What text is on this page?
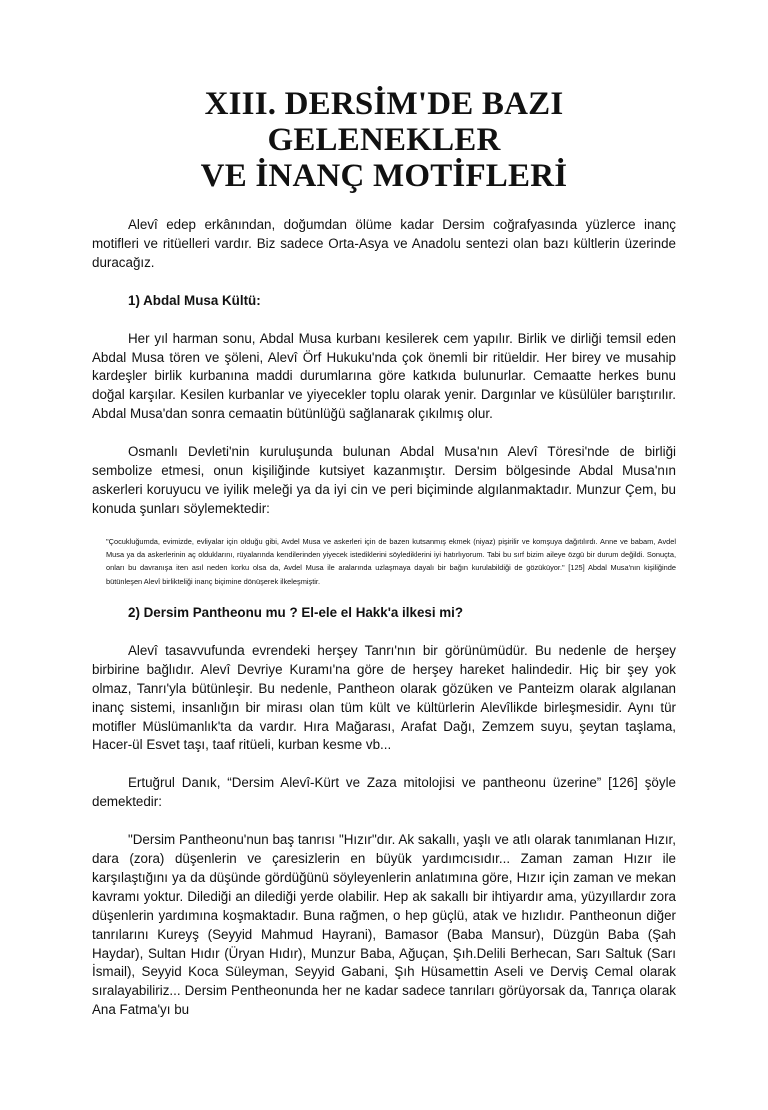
XIII. DERSİM'DE BAZI GELENEKLER
VE İNANÇ MOTİFLERİ

Alevî edep erkânından, doğumdan ölüme kadar Dersim coğrafyasında yüzlerce inanç motifleri ve ritüelleri vardır. Biz sadece Orta-Asya ve Anadolu sentezi olan bazı kültlerin üzerinde duracağız.

1) Abdal Musa Kültü:

Her yıl harman sonu, Abdal Musa kurbanı kesilerek cem yapılır. Birlik ve dirliği temsil eden Abdal Musa tören ve şöleni, Alevî Örf Hukuku'nda çok önemli bir ritüeldir. Her birey ve musahip kardeşler birlik kurbanına maddi durumlarına göre katkıda bulunurlar. Cemaatte herkes bunu doğal karşılar. Kesilen kurbanlar ve yiyecekler toplu olarak yenir. Dargınlar ve küsülüler barıştırılır. Abdal Musa'dan sonra cemaatin bütünlüğü sağlanarak çıkılmış olur.

Osmanlı Devleti'nin kuruluşunda bulunan Abdal Musa'nın Alevî Töresi'nde de birliği sembolize etmesi, onun kişiliğinde kutsiyet kazanmıştır. Dersim bölgesinde Abdal Musa'nın askerleri koruyucu ve iyilik meleği ya da iyi cin ve peri biçiminde algılanmaktadır. Munzur Çem, bu konuda şunları söylemektedir:

"Çocukluğumda, evimizde, evliyalar için olduğu gibi, Avdel Musa ve askerleri için de bazen kutsanmış ekmek (niyaz) pişirilir ve komşuya dağıtılırdı. Anne ve babam, Avdel Musa ya da askerlerinin aç olduklarını, rüyalarında kendilerinden yiyecek istediklerini söylediklerini iyi hatırlıyorum. Tabi bu sırf bizim aileye özgü bir durum değildi. Sonuçta, onları bu davranışa iten asıl neden korku olsa da, Avdel Musa ile aralarında uzlaşmaya dayalı bir bağın kurulabildiği de gözüküyor." [125] Abdal Musa'nın kişiliğinde bütünleşen Alevî birlikteliği inanç biçimine dönüşerek ilkeleşmiştir.

2) Dersim Pantheonu mu ? El-ele el Hakk'a ilkesi mi?

Alevî tasavvufunda evrendeki herşey Tanrı'nın bir görünümüdür. Bu nedenle de herşey birbirine bağlıdır. Alevî Devriye Kuramı'na göre de herşey hareket halindedir. Hiç bir şey yok olmaz, Tanrı'yla bütünleşir. Bu nedenle, Pantheon olarak gözüken ve Panteizm olarak algılanan inanç sistemi, insanlığın bir mirası olan tüm kült ve kültürlerin Alevîlikde birleşmesidir. Aynı tür motifler Müslümanlık'ta da vardır. Hıra Mağarası, Arafat Dağı, Zemzem suyu, şeytan taşlama, Hacer-ül Esvet taşı, taaf ritüeli, kurban kesme vb...

Ertuğrul Danık, “Dersim Alevî-Kürt ve Zaza mitolojisi ve pantheonu üzerine” [126] şöyle demektedir:

"Dersim Pantheonu'nun baş tanrısı "Hızır"dır. Ak sakallı, yaşlı ve atlı olarak tanımlanan Hızır, dara (zora) düşenlerin ve çaresizlerin en büyük yardımcısıdır... Zaman zaman Hızır ile karşılaştığını ya da düşünde gördüğünü söyleyenlerin anlatımına göre, Hızır için zaman ve mekan kavramı yoktur. Dilediği an dilediği yerde olabilir. Hep ak sakallı bir ihtiyardır ama, yüzyıllardır zora düşenlerin yardımına koşmaktadır. Buna rağmen, o hep güçlü, atak ve hızlıdır. Pantheonun diğer tanrılarını Kureyş (Seyyid Mahmud Hayrani), Bamasor (Baba Mansur), Düzgün Baba (Şah Haydar), Sultan Hıdır (Üryan Hıdır), Munzur Baba, Ağuçan, Şıh.Delili Berhecan, Sarı Saltuk (Sarı İsmail), Seyyid Koca Süleyman, Seyyid Gabani, Şıh Hüsamettin Aseli ve Derviş Cemal olarak sıralayabiliriz... Dersim Pentheonunda her ne kadar sadece tanrıları görüyorsak da, Tanrıça olarak Ana Fatma'yı bu
